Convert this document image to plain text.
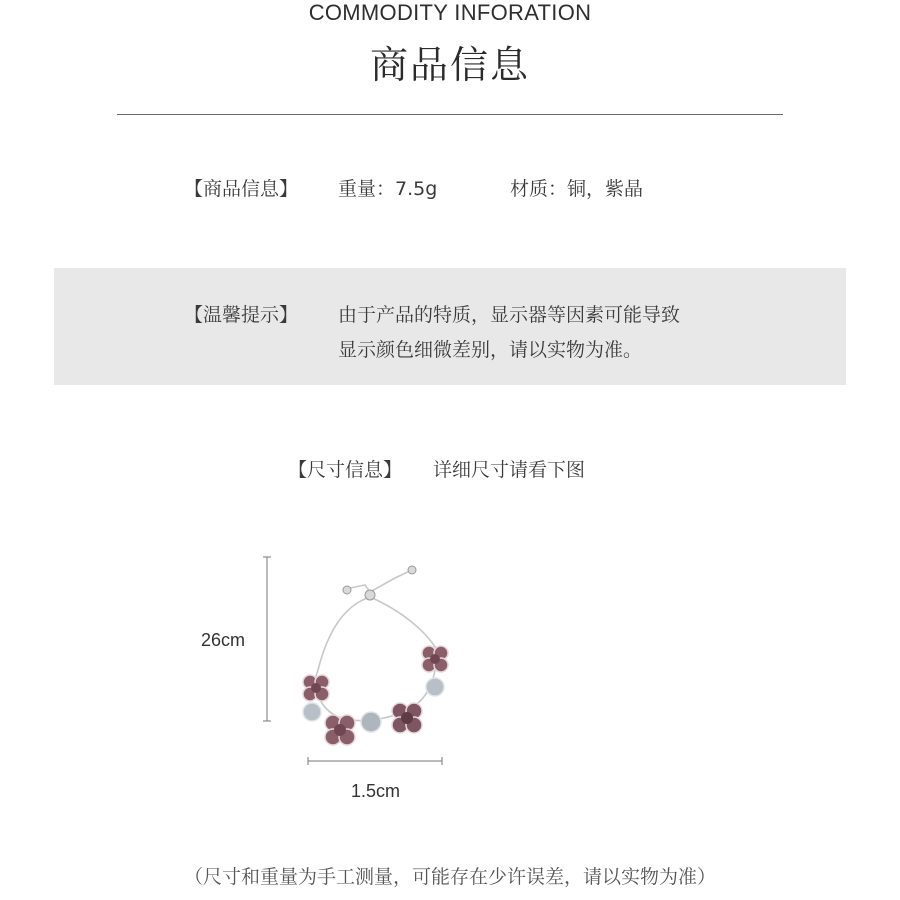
COMMODITY INFORATION
商品信息
【商品信息】 重量：7.5g	材质：铜，紫晶
【温馨提示】 由于产品的特质，显示器等因素可能导致
显示颜色细微差别，请以实物为准。
【尺寸信息】 详细尺寸请看下图
26cm
1.5cm
（尺寸和重量为手工测量，可能存在少许误差，请以实物为准）
